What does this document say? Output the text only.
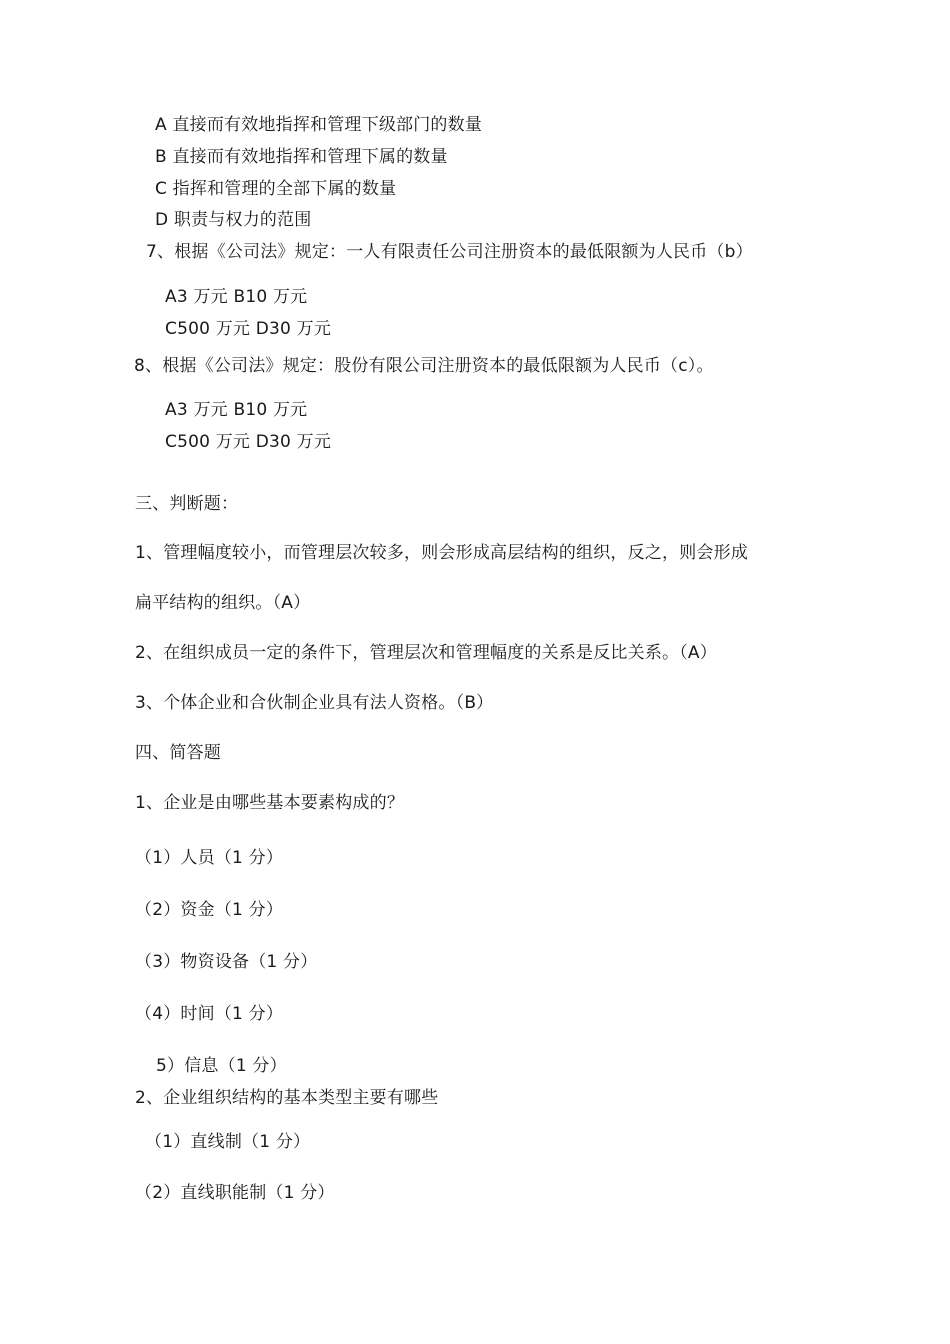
A 直接而有效地指挥和管理下级部门的数量
B 直接而有效地指挥和管理下属的数量
C 指挥和管理的全部下属的数量
D 职责与权力的范围
7、根据《公司法》规定：一人有限责任公司注册资本的最低限额为人民币（b）
A3 万元 B10 万元
C500 万元 D30 万元
8、根据《公司法》规定：股份有限公司注册资本的最低限额为人民币（c）。
A3 万元 B10 万元
C500 万元 D30 万元
三、判断题：
1、管理幅度较小，而管理层次较多，则会形成高层结构的组织，反之，则会形成
扁平结构的组织。（A）
2、在组织成员一定的条件下，管理层次和管理幅度的关系是反比关系。（A）
3、个体企业和合伙制企业具有法人资格。（B）
四、简答题
1、企业是由哪些基本要素构成的？
（1）人员（1 分）
（2）资金（1 分）
（3）物资设备（1 分）
（4）时间（1 分）
5）信息（1 分）
2、企业组织结构的基本类型主要有哪些
（1）直线制（1 分）
（2）直线职能制（1 分）
